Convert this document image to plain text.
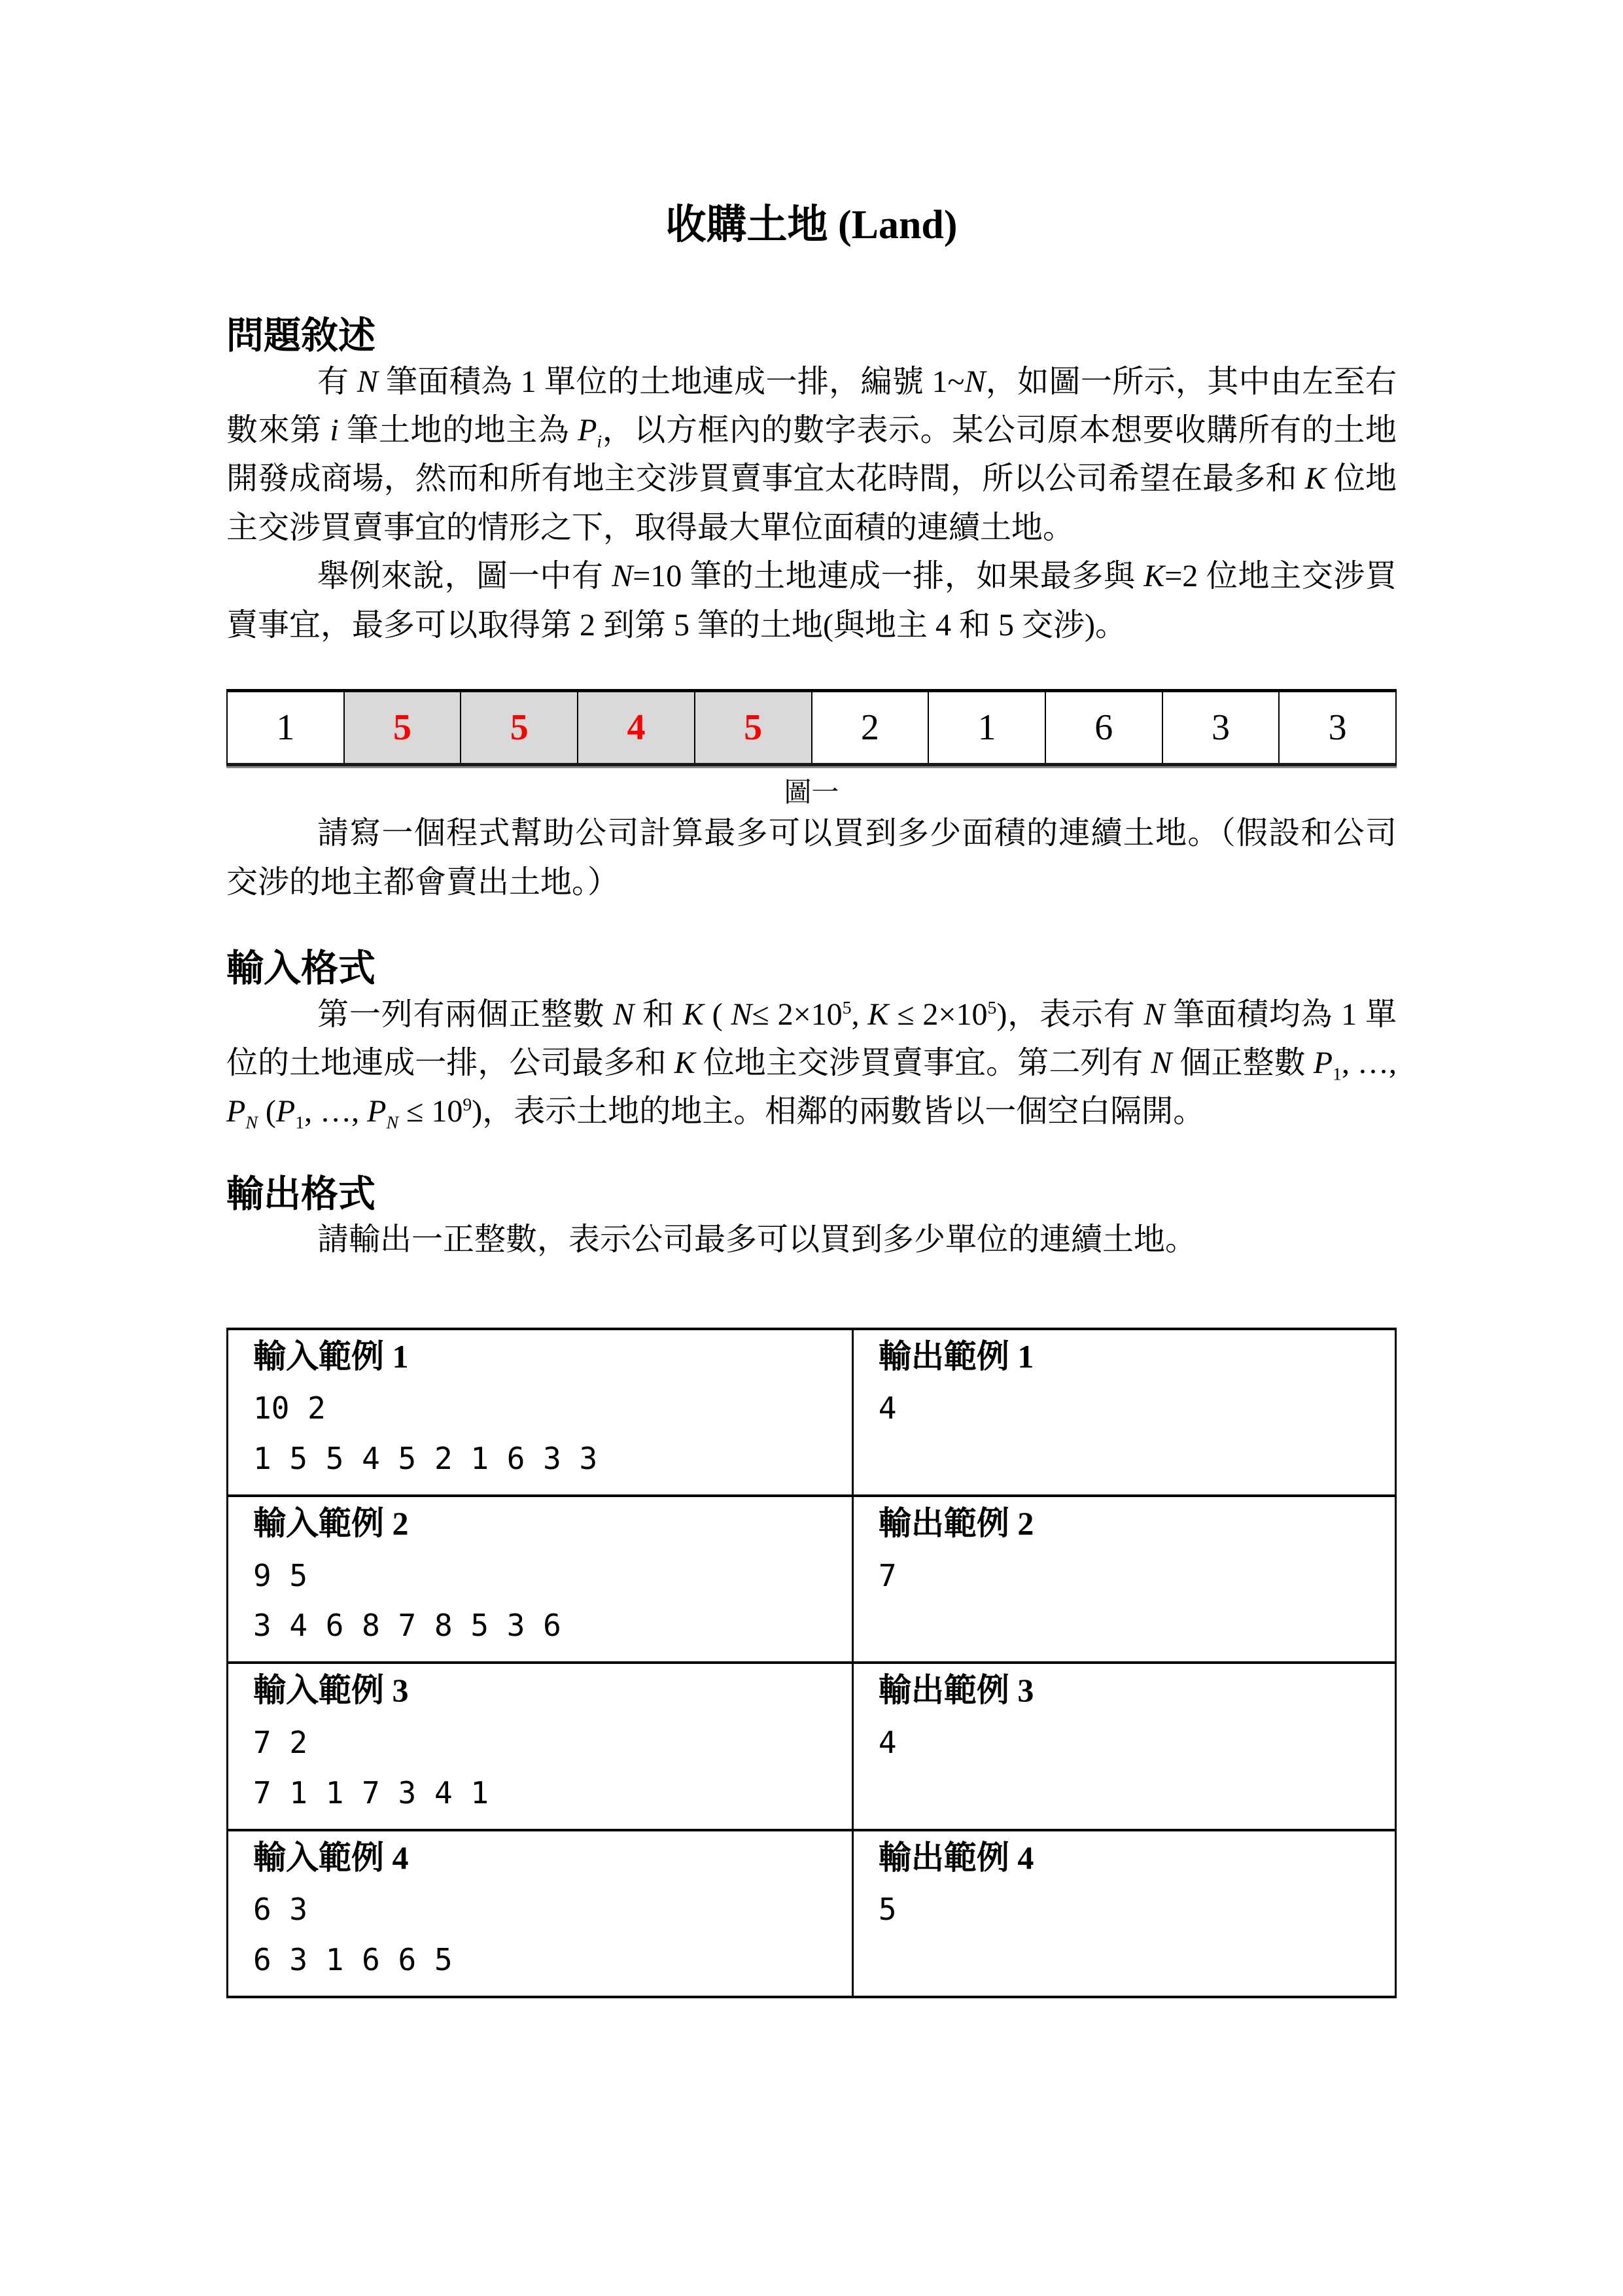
收購土地 (Land)
問題敘述

有 N 筆面積為 1 單位的土地連成一排，編號 1~N，如圖一所示，其中由左至右數來第 i 筆土地的地主為 $P_i$，以方框內的數字表示。某公司原本想要收購所有的土地開發成商場，然而和所有地主交涉買賣事宜太花時間，所以公司希望在最多和 K 位地主交涉買賣事宜的情形之下，取得最大單位面積的連續土地。

舉例來說，圖一中有 N=10 筆的土地連成一排，如果最多與 K=2 位地主交涉買賣事宜，最多可以取得第 2 到第 5 筆的土地(與地主 4 和 5 交涉)。

1	5	5	4	5	2	1	6	3	3
圖一

請寫一個程式幫助公司計算最多可以買到多少面積的連續土地。（假設和公司交涉的地主都會賣出土地。）

輸入格式

第一列有兩個正整數 N 和 K ( $N\le 2\times 10^5$, $K \le 2\times 10^5$)，表示有 N 筆面積均為 1 單位的土地連成一排，公司最多和 K 位地主交涉買賣事宜。第二列有 N 個正整數 $P_1$, …, $P_N$ ($P_1$, …, $P_N \le 10^9$)，表示土地的地主。相鄰的兩數皆以一個空白隔開。

輸出格式

請輸出一正整數，表示公司最多可以買到多少單位的連續土地。

輸入範例 1
10 2
1 5 5 4 5 2 1 6 3 3

輸出範例 1
4

輸入範例 2
9 5
3 4 6 8 7 8 5 3 6

輸出範例 2
7

輸入範例 3
7 2
7 1 1 7 3 4 1

輸出範例 3
4

輸入範例 4
6 3
6 3 1 6 6 5

輸出範例 4
5
